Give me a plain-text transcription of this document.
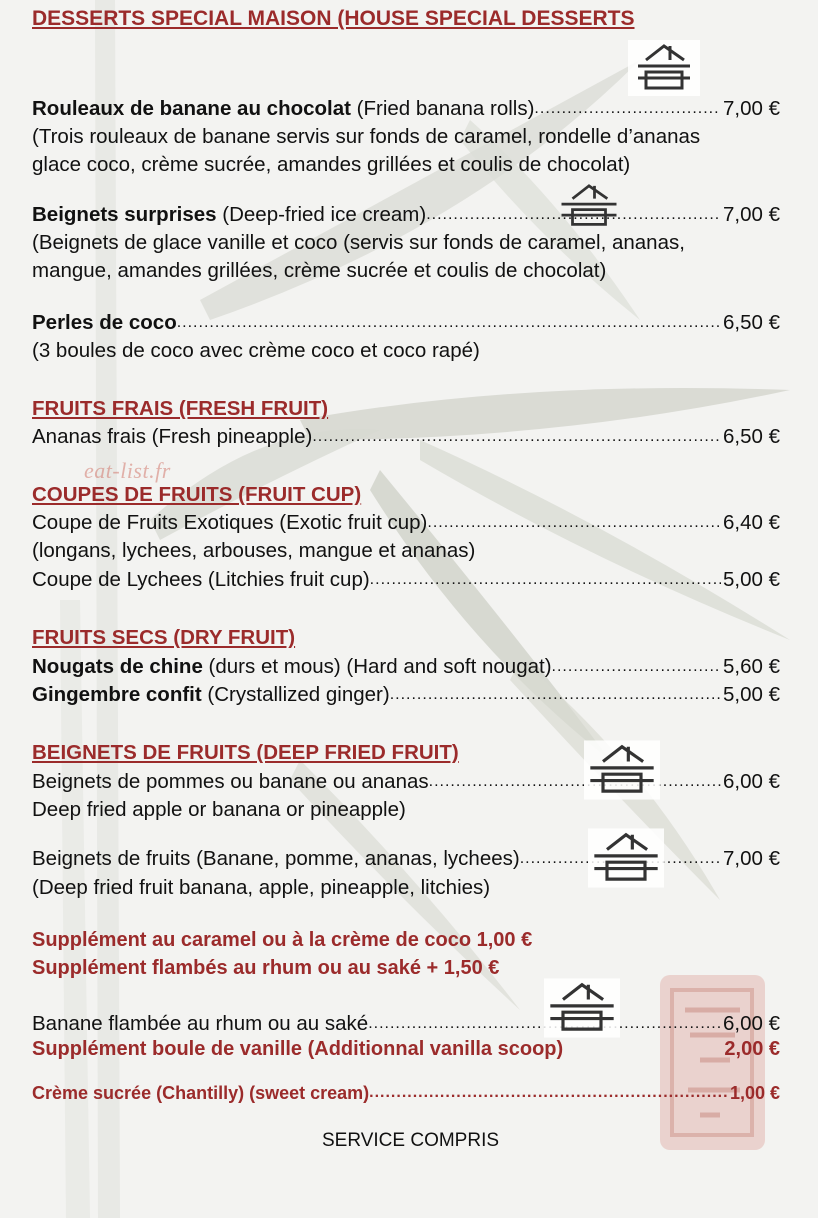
eat-list.fr
DESSERTS SPECIAL MAISON (HOUSE SPECIAL DESSERTS
Rouleaux de banane au chocolat (Fried banana rolls) .....	7,00 €
(Trois rouleaux de banane servis sur fonds de caramel, rondelle d’ananas
glace coco, crème sucrée, amandes grillées et coulis de chocolat)
Beignets surprises (Deep-fried ice cream) .....	7,00 €
(Beignets de glace vanille et coco (servis sur fonds de caramel, ananas,
mangue, amandes grillées, crème sucrée et coulis de chocolat)
Perles de coco .....	6,50 €
(3 boules de coco avec crème coco et coco rapé)
FRUITS FRAIS (FRESH FRUIT)
Ananas frais (Fresh pineapple) .....	6,50 €
COUPES DE FRUITS (FRUIT CUP)
Coupe de Fruits Exotiques (Exotic fruit cup) .....	6,40 €
(longans, lychees, arbouses, mangue et ananas)
Coupe de Lychees (Litchies fruit cup) .....	5,00 €
FRUITS SECS (DRY FRUIT)
Nougats de chine (durs et mous) (Hard and soft nougat) .....	5,60 €
Gingembre confit (Crystallized ginger) .....	5,00 €
BEIGNETS DE FRUITS (DEEP FRIED FRUIT)
Beignets de pommes ou banane ou ananas .....	6,00 €
Deep fried apple or banana or pineapple)
Beignets de fruits (Banane, pomme, ananas, lychees) .....	7,00 €
(Deep fried fruit banana, apple, pineapple, litchies)
Supplément au caramel ou à la crème de coco 1,00 €
Supplément flambés au rhum ou au saké + 1,50 €
Banane flambée au rhum ou au saké .....	6,00 €
Supplément boule de vanille (Additionnal vanilla scoop)	2,00 €
Crème sucrée (Chantilly) (sweet cream) .....	1,00 €
SERVICE COMPRIS
